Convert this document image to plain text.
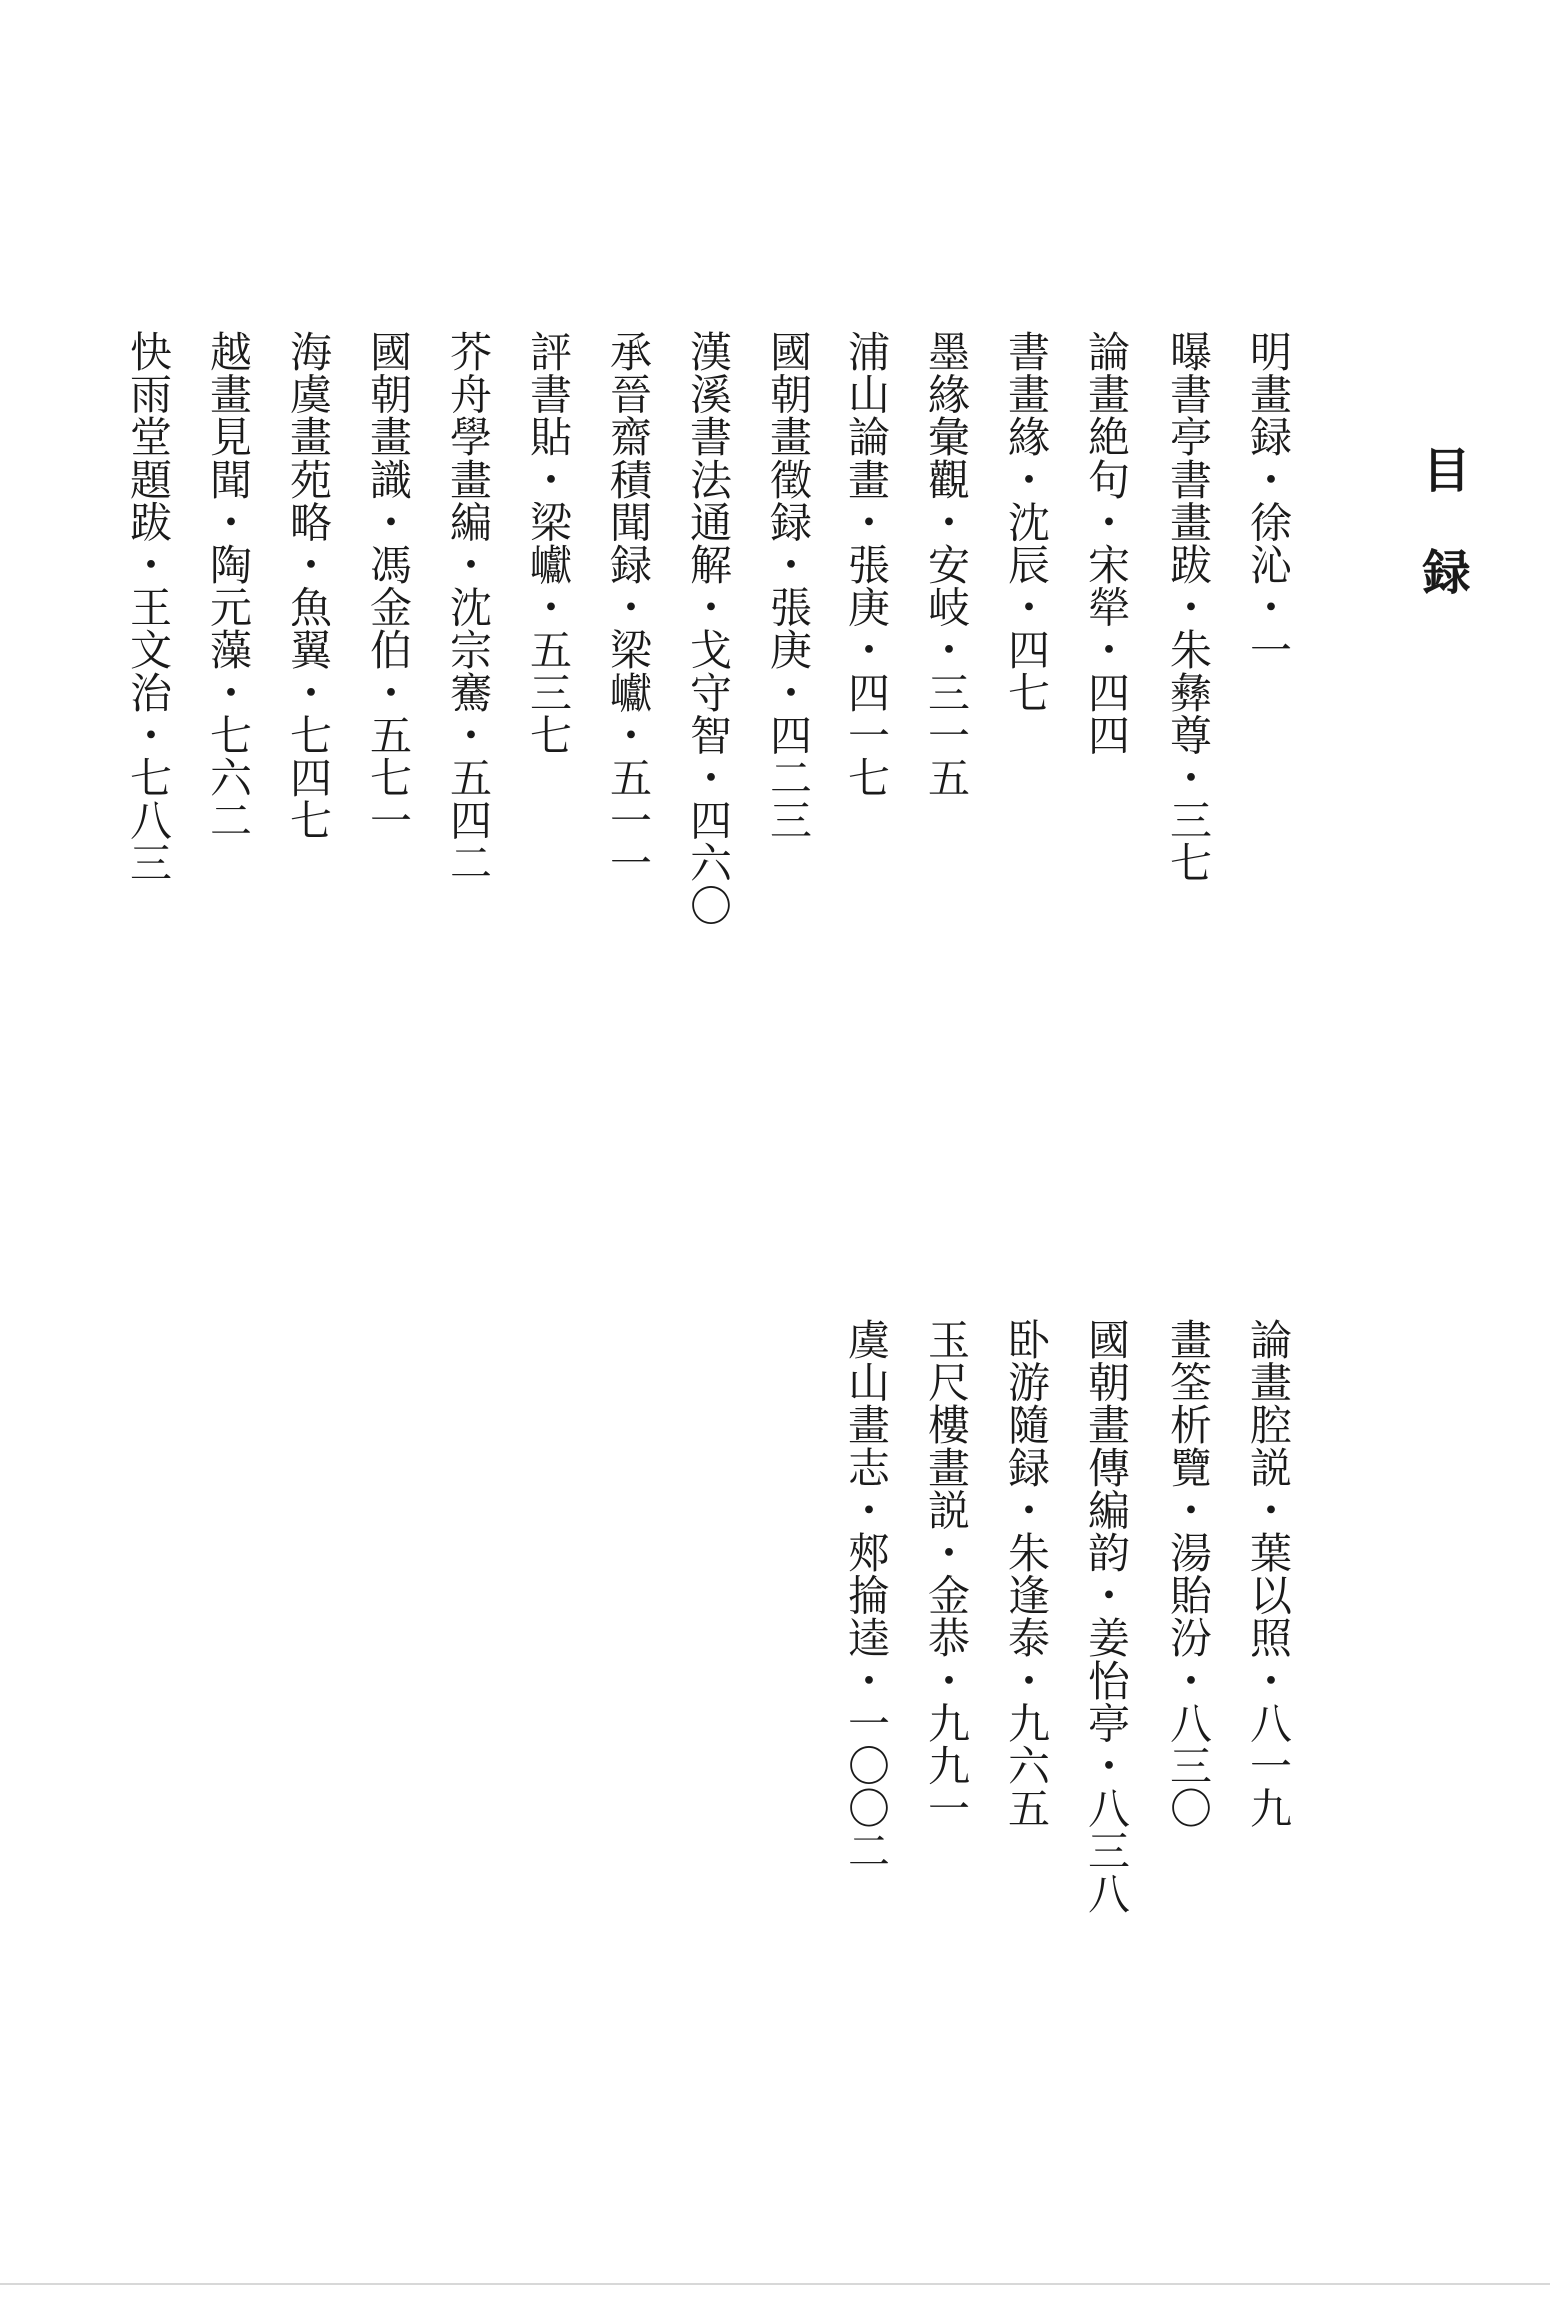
目録
明畫録・徐沁・一
曝書亭書畫跋・朱彝尊・三七
論畫絶句・宋犖・四四
書畫緣・沈辰・四七
墨緣彙觀・安岐・三一五
浦山論畫・張庚・四一七
國朝畫徵録・張庚・四二三
漢溪書法通解・戈守智・四六〇
承晉齋積聞録・梁巘・五一一
評書貼・梁巘・五三七
芥舟學畫編・沈宗騫・五四二
國朝畫識・馮金伯・五七一
海虞畫苑略・魚翼・七四七
越畫見聞・陶元藻・七六二
快雨堂題跋・王文治・七八三
論畫腔説・葉以照・八一九
畫筌析覽・湯貽汾・八三〇
國朝畫傳編韵・姜怡亭・八三八
卧游隨録・朱逢泰・九六五
玉尺樓畫説・金恭・九九一
虞山畫志・郟掄逵・一〇〇二
